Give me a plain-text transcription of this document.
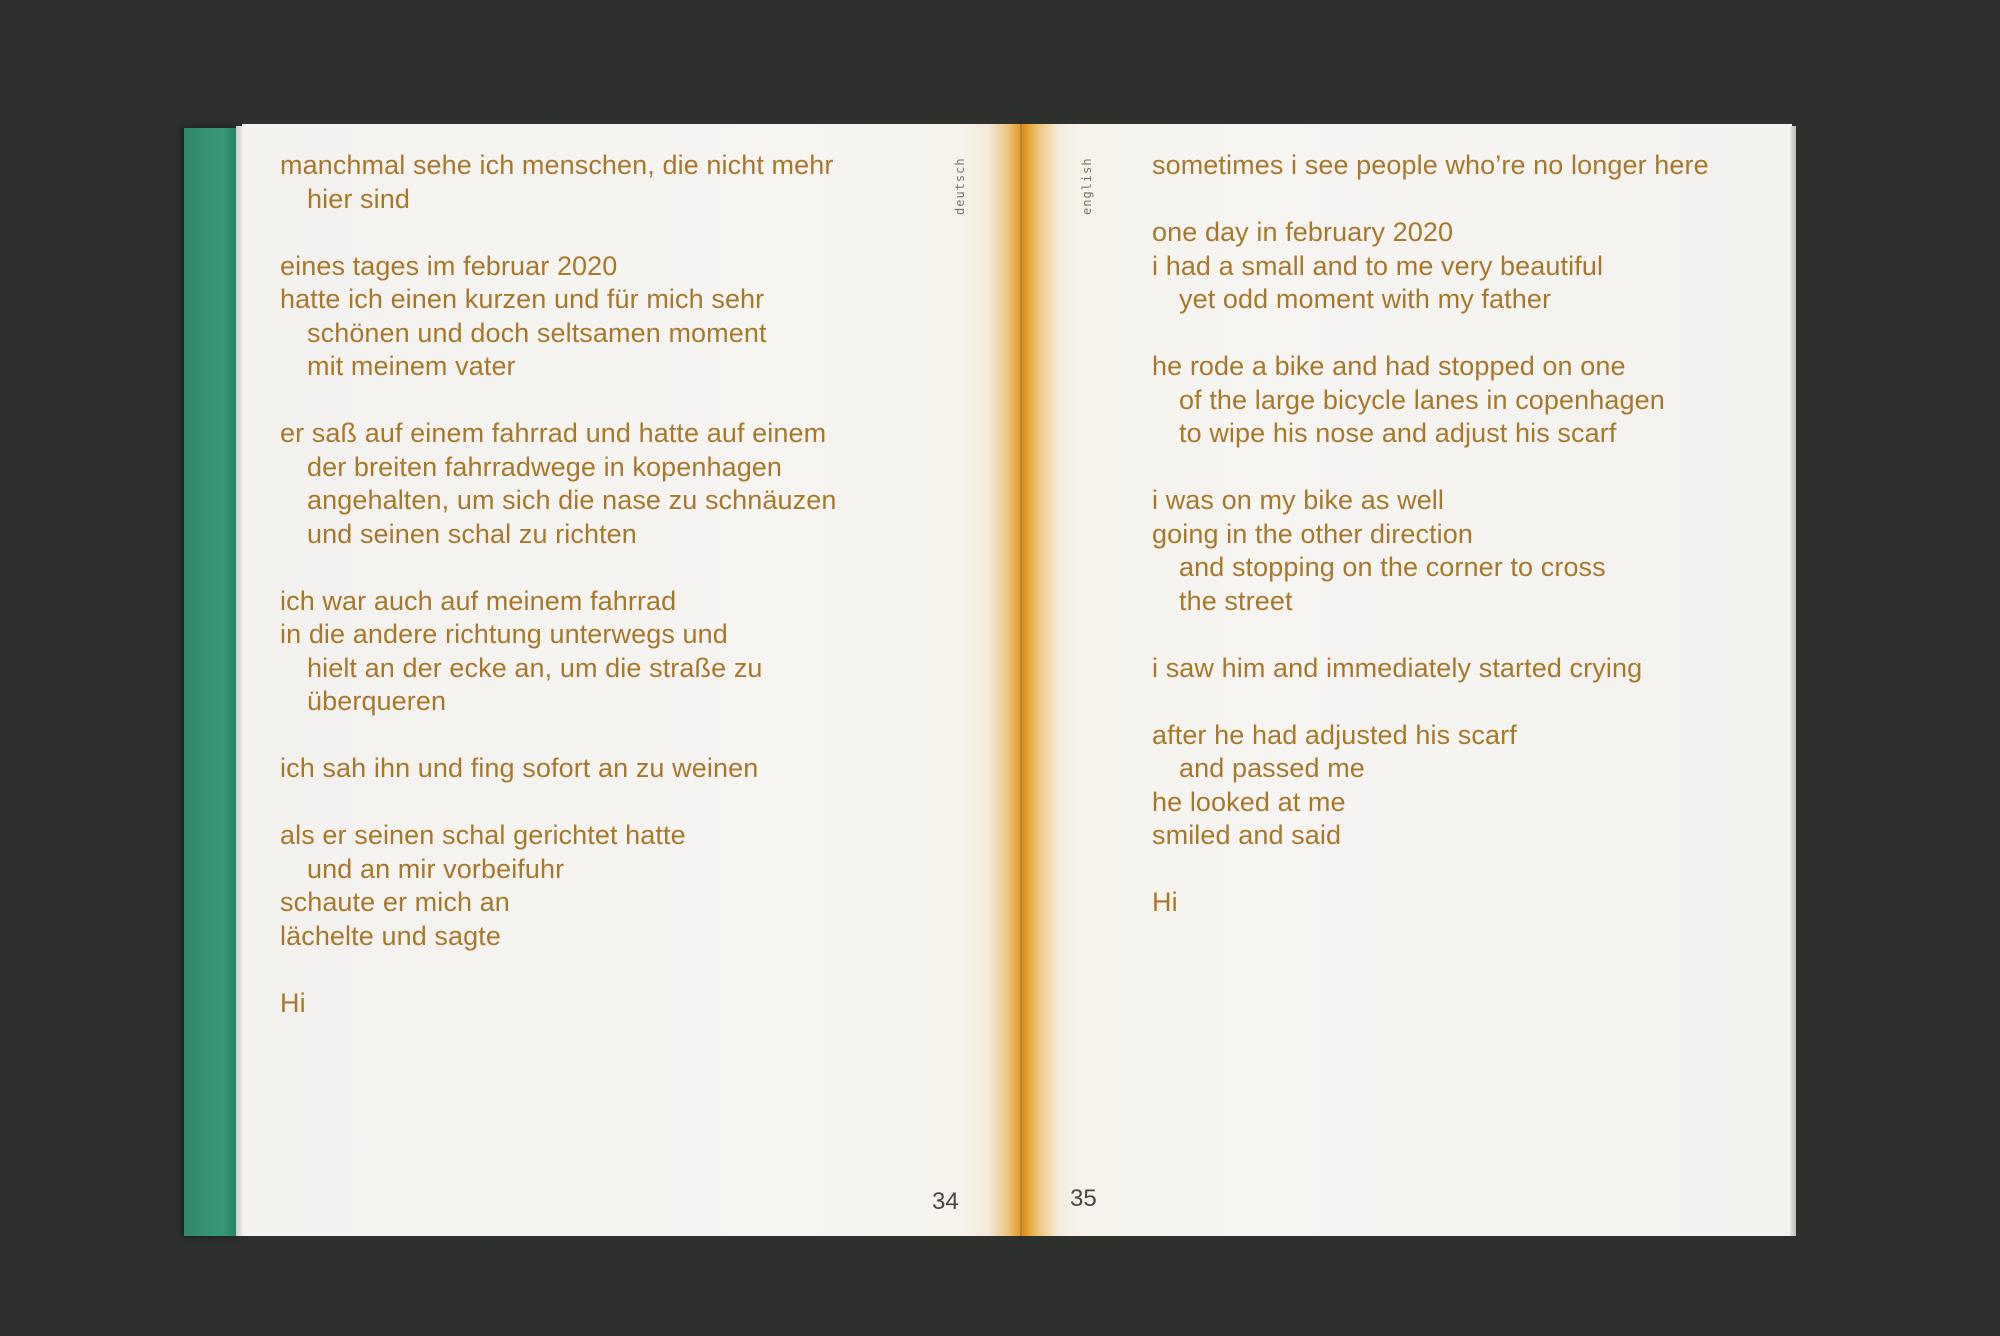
manchmal sehe ich menschen, die nicht mehr
hier sind
eines tages im februar 2020
hatte ich einen kurzen und für mich sehr
schönen und doch seltsamen moment
mit meinem vater
er saß auf einem fahrrad und hatte auf einem
der breiten fahrradwege in kopenhagen
angehalten, um sich die nase zu schnäuzen
und seinen schal zu richten
ich war auch auf meinem fahrrad
in die andere richtung unterwegs und
hielt an der ecke an, um die straße zu
überqueren
ich sah ihn und fing sofort an zu weinen
als er seinen schal gerichtet hatte
und an mir vorbeifuhr
schaute er mich an
lächelte und sagte
Hi
sometimes i see people who’re no longer here
one day in february 2020
i had a small and to me very beautiful
yet odd moment with my father
he rode a bike and had stopped on one
of the large bicycle lanes in copenhagen
to wipe his nose and adjust his scarf
i was on my bike as well
going in the other direction
and stopping on the corner to cross
the street
i saw him and immediately started crying
after he had adjusted his scarf
and passed me
he looked at me
smiled and said
Hi
deutsch	english
34	35
